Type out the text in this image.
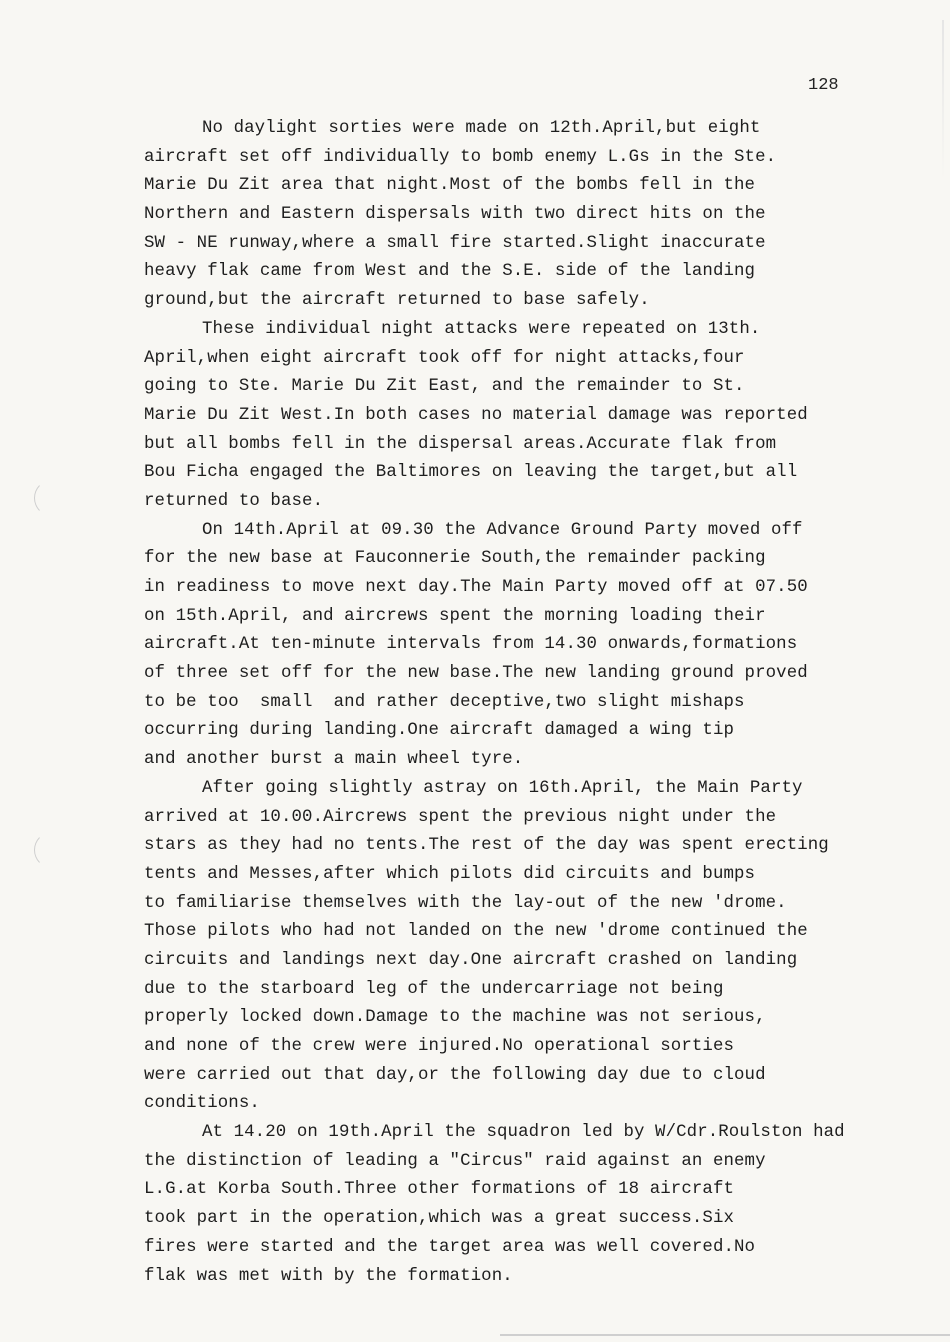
128
No daylight sorties were made on 12th.April,but eight
aircraft set off individually to bomb enemy L.Gs in the Ste.
Marie Du Zit area that night.Most of the bombs fell in the
Northern and Eastern dispersals with two direct hits on the
SW - NE runway,where a small fire started.Slight inaccurate
heavy flak came from West and the S.E. side of the landing
ground,but the aircraft returned to base safely.
These individual night attacks were repeated on 13th.
April,when eight aircraft took off for night attacks,four
going to Ste. Marie Du Zit East, and the remainder to St.
Marie Du Zit West.In both cases no material damage was reported
but all bombs fell in the dispersal areas.Accurate flak from
Bou Ficha engaged the Baltimores on leaving the target,but all
returned to base.
On 14th.April at 09.30 the Advance Ground Party moved off
for the new base at Fauconnerie South,the remainder packing
in readiness to move next day.The Main Party moved off at 07.50
on 15th.April, and aircrews spent the morning loading their
aircraft.At ten-minute intervals from 14.30 onwards,formations
of three set off for the new base.The new landing ground proved
to be too  small  and rather deceptive,two slight mishaps
occurring during landing.One aircraft damaged a wing tip
and another burst a main wheel tyre.
After going slightly astray on 16th.April, the Main Party
arrived at 10.00.Aircrews spent the previous night under the
stars as they had no tents.The rest of the day was spent erecting
tents and Messes,after which pilots did circuits and bumps
to familiarise themselves with the lay-out of the new 'drome.
Those pilots who had not landed on the new 'drome continued the
circuits and landings next day.One aircraft crashed on landing
due to the starboard leg of the undercarriage not being
properly locked down.Damage to the machine was not serious,
and none of the crew were injured.No operational sorties
were carried out that day,or the following day due to cloud
conditions.
At 14.20 on 19th.April the squadron led by W/Cdr.Roulston had
the distinction of leading a "Circus" raid against an enemy
L.G.at Korba South.Three other formations of 18 aircraft
took part in the operation,which was a great success.Six
fires were started and the target area was well covered.No
flak was met with by the formation.
